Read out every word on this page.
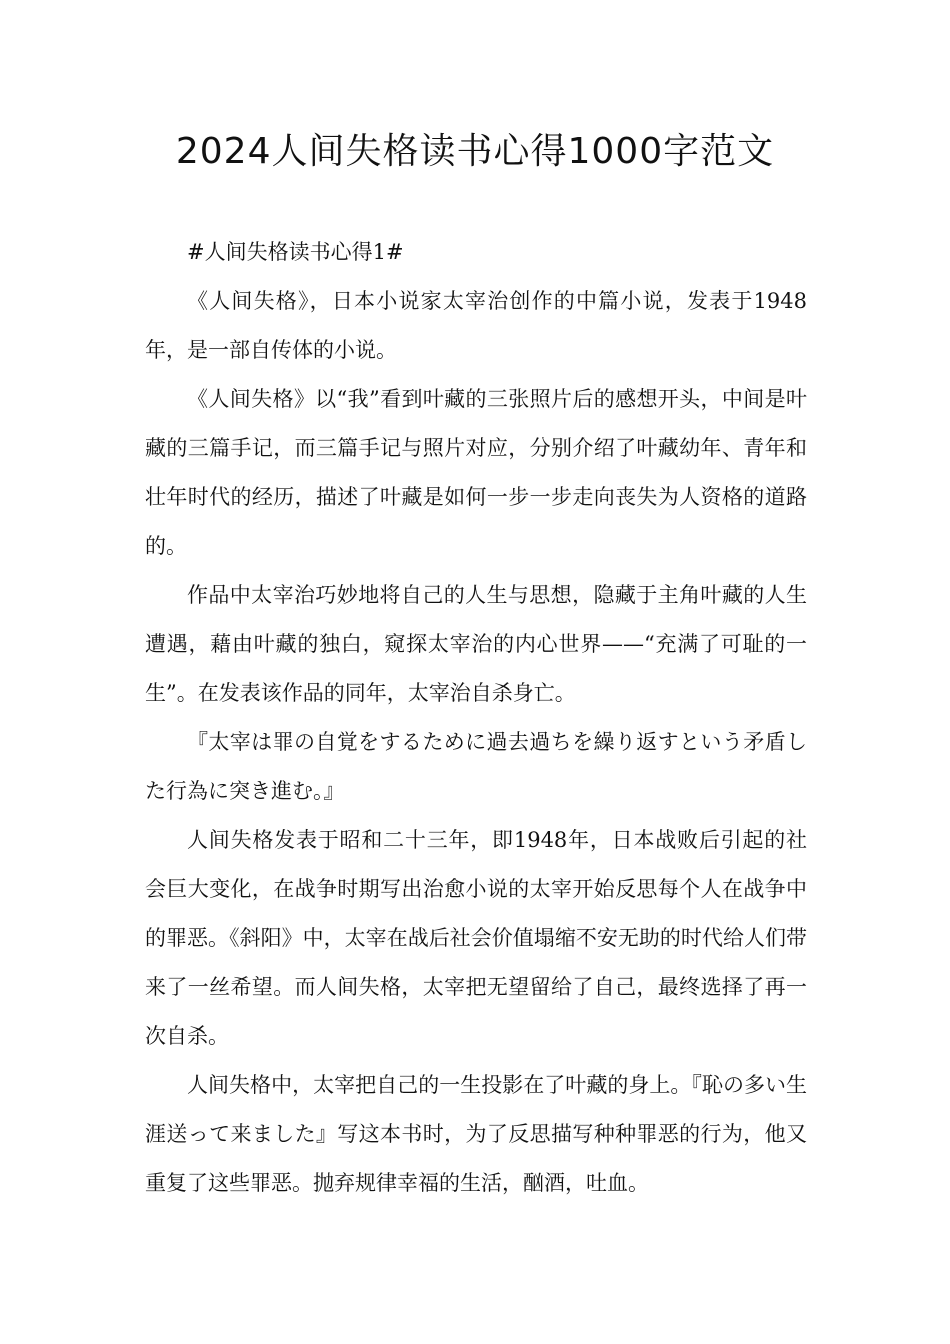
2024人间失格读书心得1000字范文

#人间失格读书心得1#

《人间失格》，日本小说家太宰治创作的中篇小说，发表于1948年，是一部自传体的小说。

《人间失格》以“我”看到叶藏的三张照片后的感想开头，中间是叶藏的三篇手记，而三篇手记与照片对应，分别介绍了叶藏幼年、青年和壮年时代的经历，描述了叶藏是如何一步一步走向丧失为人资格的道路的。

作品中太宰治巧妙地将自己的人生与思想，隐藏于主角叶藏的人生遭遇，藉由叶藏的独白，窥探太宰治的内心世界——“充满了可耻的一生”。在发表该作品的同年，太宰治自杀身亡。

『太宰は罪の自覚をするために過去過ちを繰り返すという矛盾した行為に突き進む。』

人间失格发表于昭和二十三年，即1948年，日本战败后引起的社会巨大变化，在战争时期写出治愈小说的太宰开始反思每个人在战争中的罪恶。《斜阳》中，太宰在战后社会价值塌缩不安无助的时代给人们带来了一丝希望。而人间失格，太宰把无望留给了自己，最终选择了再一次自杀。

人间失格中，太宰把自己的一生投影在了叶藏的身上。『恥の多い生涯送って来ました』写这本书时，为了反思描写种种罪恶的行为，他又重复了这些罪恶。抛弃规律幸福的生活，酗酒，吐血。
